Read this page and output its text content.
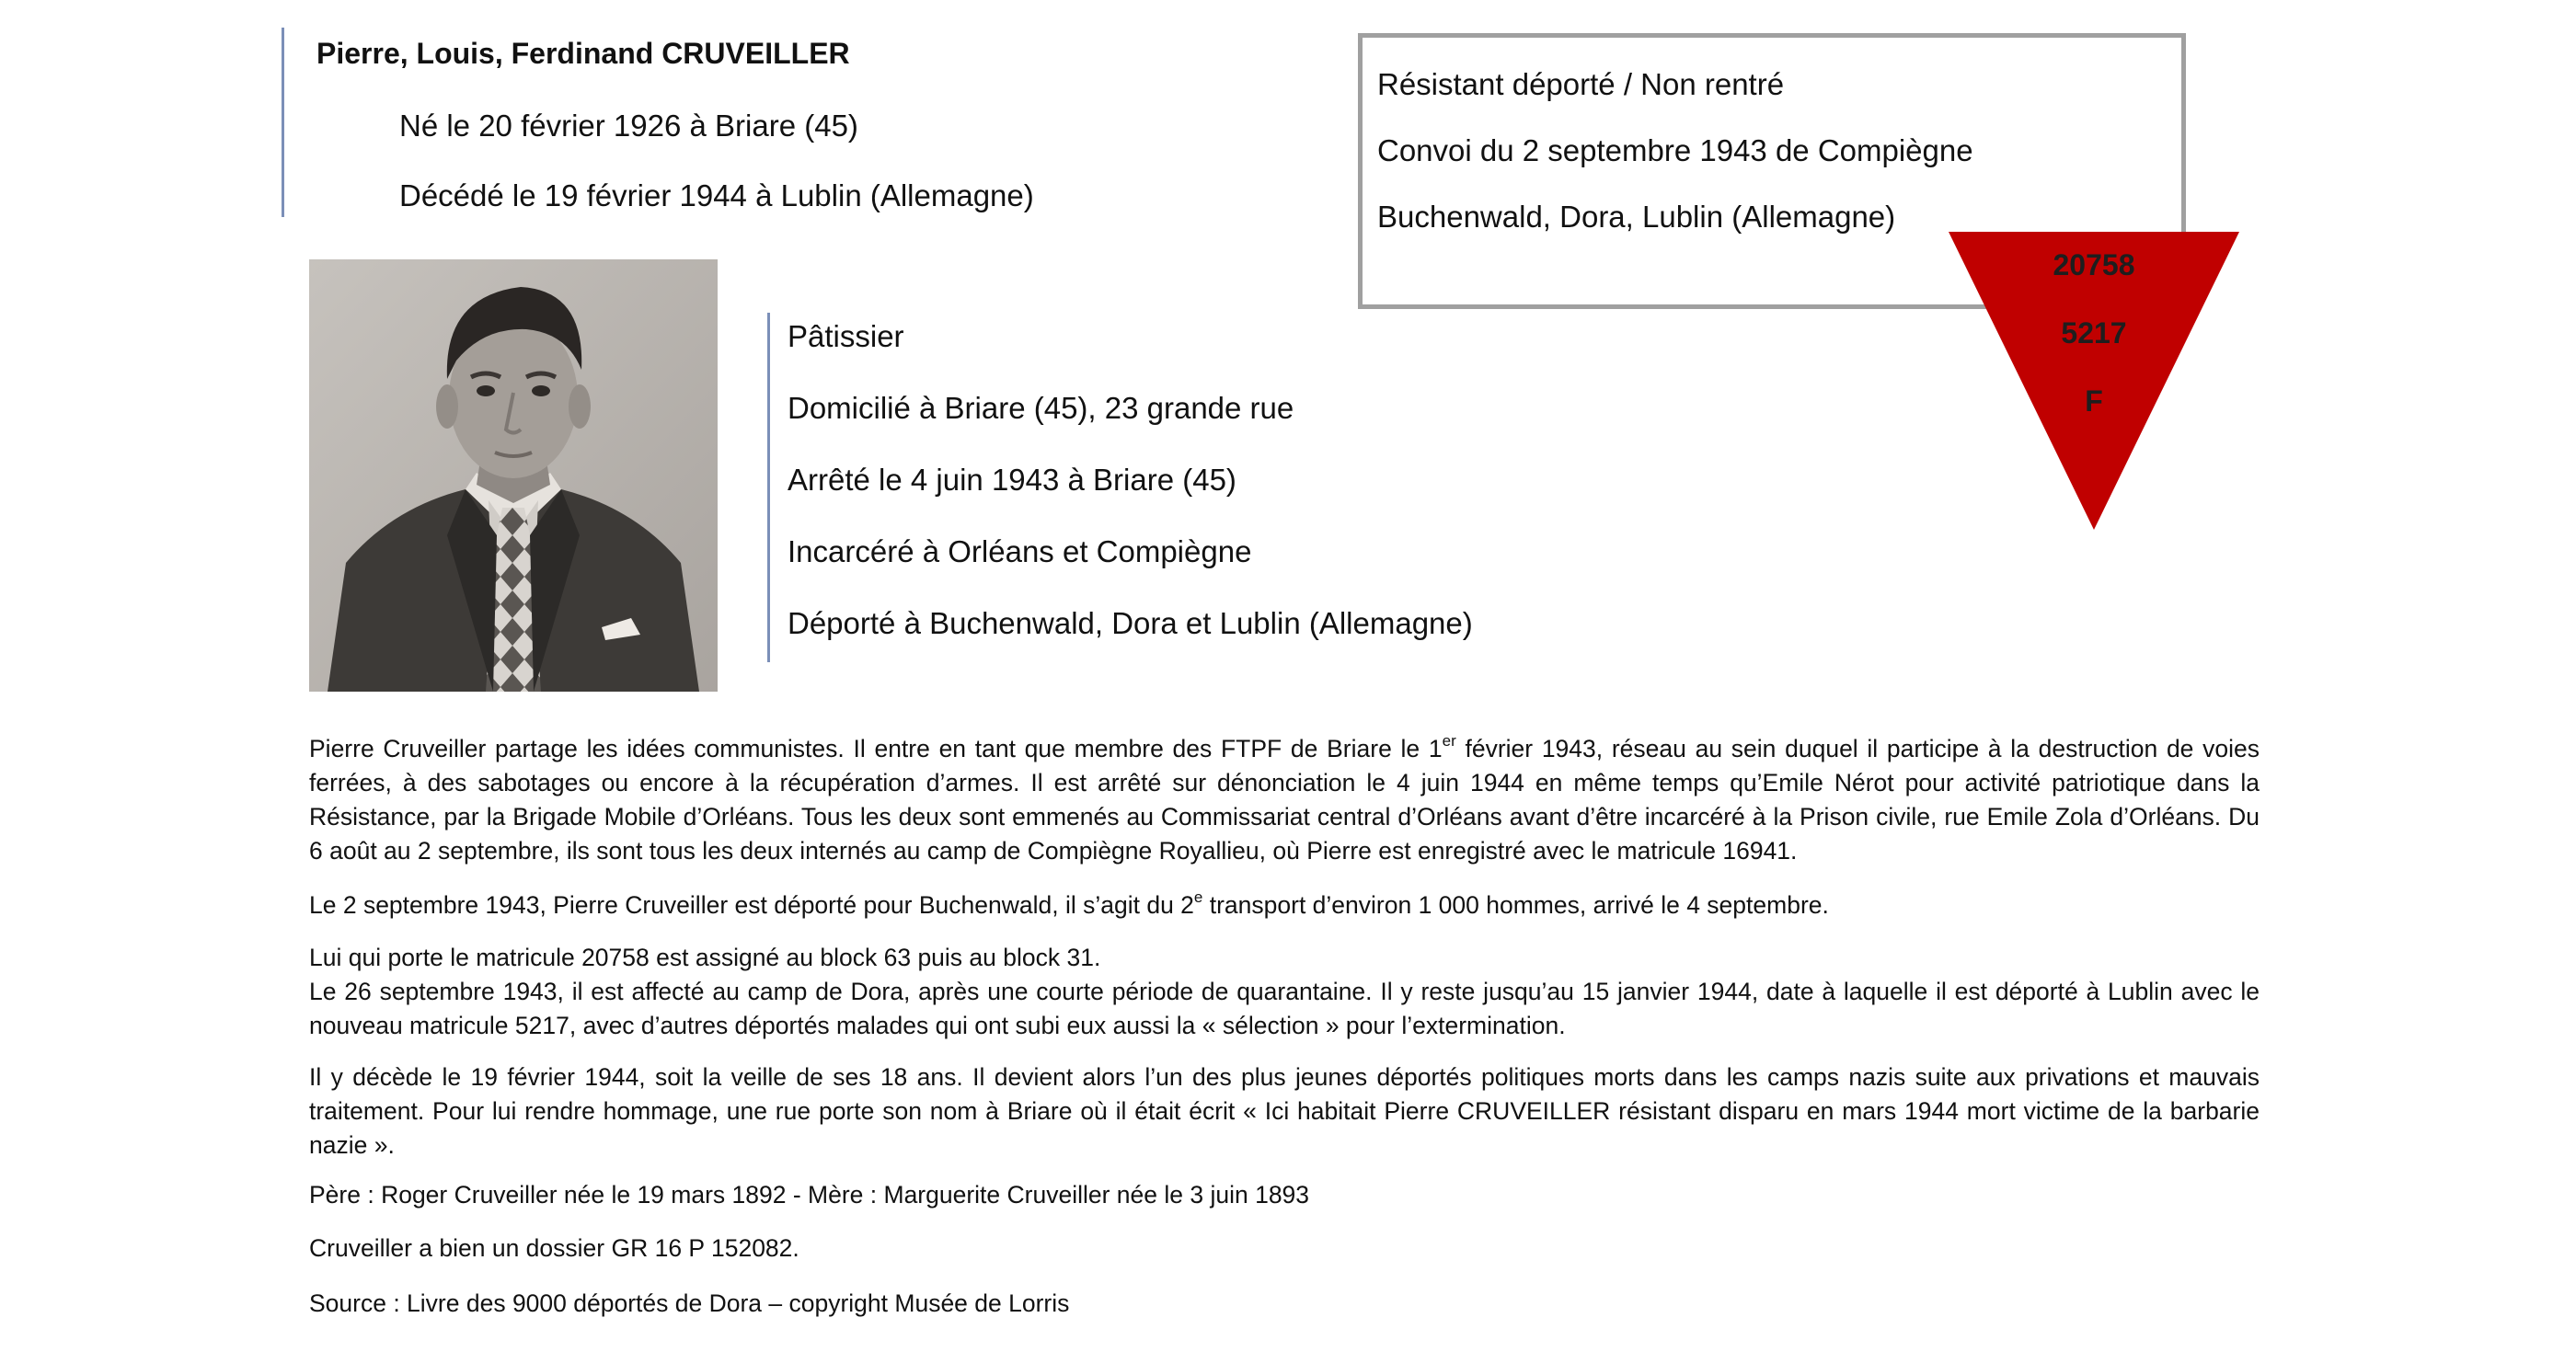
Pierre, Louis, Ferdinand CRUVEILLER
Né le 20 février 1926 à Briare (45)
Décédé le 19 février 1944 à Lublin (Allemagne)
Pâtissier
Domicilié à Briare (45), 23 grande rue
Arrêté le 4 juin 1943 à Briare (45)
Incarcéré à Orléans et Compiègne
Déporté à Buchenwald, Dora et Lublin (Allemagne)
Résistant déporté / Non rentré
Convoi du 2 septembre 1943 de Compiègne
Buchenwald, Dora, Lublin (Allemagne)
20758
5217
F

Pierre Cruveiller partage les idées communistes. Il entre en tant que membre des FTPF de Briare le 1er février 1943, réseau au sein duquel il participe à la destruction de voies ferrées, à des sabotages ou encore à la récupération d’armes. Il est arrêté sur dénonciation le 4 juin 1944 en même temps qu’Emile Nérot pour activité patriotique dans la Résistance, par la Brigade Mobile d’Orléans. Tous les deux sont emmenés au Commissariat central d’Orléans avant d’être incarcéré à la Prison civile, rue Emile Zola d’Orléans. Du 6 août au 2 septembre, ils sont tous les deux internés au camp de Compiègne Royallieu, où Pierre est enregistré avec le matricule 16941.

Le 2 septembre 1943, Pierre Cruveiller est déporté pour Buchenwald, il s’agit du 2e transport d’environ 1 000 hommes, arrivé le 4 septembre.

Lui qui porte le matricule 20758 est assigné au block 63 puis au block 31.

Le 26 septembre 1943, il est affecté au camp de Dora, après une courte période de quarantaine. Il y reste jusqu’au 15 janvier 1944, date à laquelle il est déporté à Lublin avec le nouveau matricule 5217, avec d’autres déportés malades qui ont subi eux aussi la « sélection » pour l’extermination.

Il y décède le 19 février 1944, soit la veille de ses 18 ans. Il devient alors l’un des plus jeunes déportés politiques morts dans les camps nazis suite aux privations et mauvais traitement. Pour lui rendre hommage, une rue porte son nom à Briare où il était écrit « Ici habitait Pierre CRUVEILLER résistant disparu en mars 1944 mort victime de la barbarie nazie ».

Père : Roger Cruveiller née le 19 mars 1892 - Mère : Marguerite Cruveiller née le 3 juin 1893
Cruveiller a bien un dossier GR 16 P 152082.
Source : Livre des 9000 déportés de Dora – copyright Musée de Lorris
